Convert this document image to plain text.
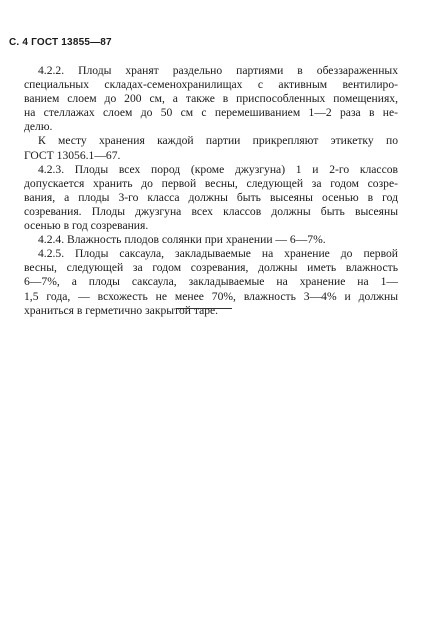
С. 4 ГОСТ 13855—87
4.2.2. Плоды хранят раздельно партиями в обеззараженных
специальных складах-семенохранилищах с активным вентилиро-
ванием слоем до 200 см, а также в приспособленных помещениях,
на стеллажах слоем до 50 см с перемешиванием 1—2 раза в не-
делю.
К месту хранения каждой партии прикрепляют этикетку по
ГОСТ 13056.1—67.
4.2.3. Плоды всех пород (кроме джузгуна) 1 и 2-го классов
допускается хранить до первой весны, следующей за годом созре-
вания, а плоды 3-го класса должны быть высеяны осенью в год
созревания. Плоды джузгуна всех классов должны быть высеяны
осенью в год созревания.
4.2.4. Влажность плодов солянки при хранении — 6—7%.
4.2.5. Плоды саксаула, закладываемые на хранение до первой
весны, следующей за годом созревания, должны иметь влажность
6—7%, а плоды саксаула, закладываемые на хранение на 1—
1,5 года, — всхожесть не менее 70%, влажность 3—4% и должны
храниться в герметично закрытой таре.
